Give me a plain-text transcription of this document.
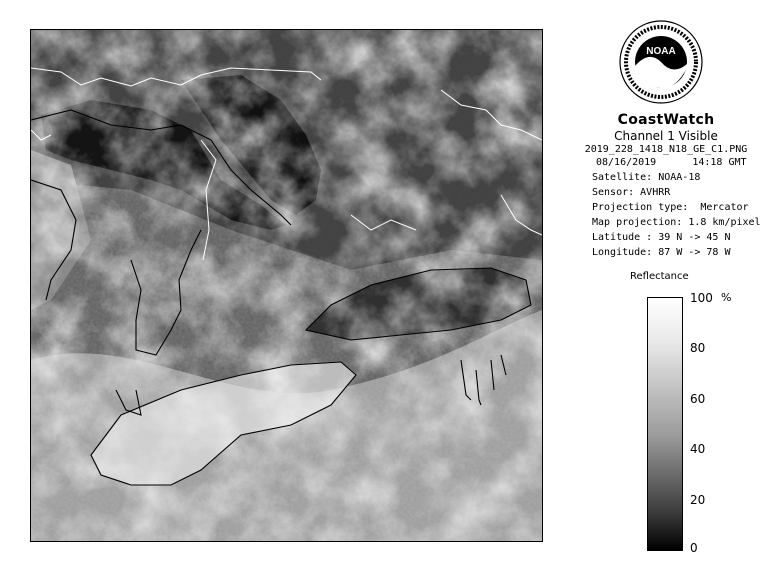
NOAA
CoastWatch
Channel 1 Visible
2019_228_1418_N18_GE_C1.PNG
08/16/2019      14:18 GMT
Satellite: NOAA-18
Sensor: AVHRR
Projection type:  Mercator
Map projection: 1.8 km/pixel
Latitude : 39 N -> 45 N
Longitude: 87 W -> 78 W
Reflectance
%
100
80
60
40
20
0
